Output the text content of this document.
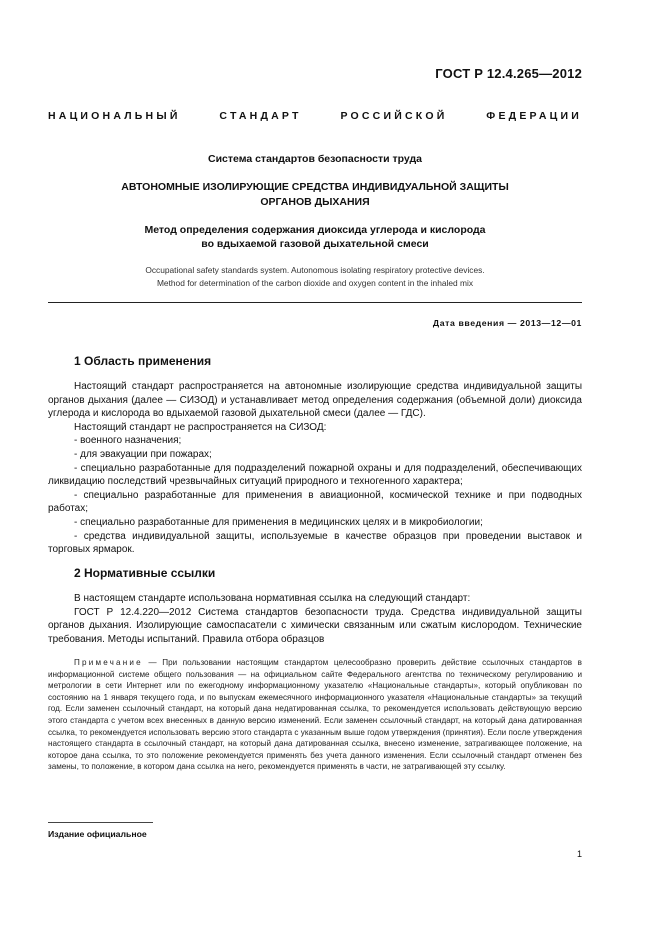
ГОСТ Р 12.4.265—2012
НАЦИОНАЛЬНЫЙ	СТАНДАРТ	РОССИЙСКОЙ	ФЕДЕРАЦИИ
Система стандартов безопасности труда
АВТОНОМНЫЕ ИЗОЛИРУЮЩИЕ СРЕДСТВА ИНДИВИДУАЛЬНОЙ ЗАЩИТЫ
ОРГАНОВ ДЫХАНИЯ
Метод определения содержания диоксида углерода и кислорода
во вдыхаемой газовой дыхательной смеси
Occupational safety standards system. Autonomous isolating respiratory protective devices.
Method for determination of the carbon dioxide and oxygen content in the inhaled mix
Дата введения — 2013—12—01
1 Область применения

Настоящий стандарт распространяется на автономные изолирующие средства индивидуальной защиты органов дыхания (далее — СИЗОД) и устанавливает метод определения содержания (объемной доли) диоксида углерода и кислорода во вдыхаемой газовой дыхательной смеси (далее — ГДС).

Настоящий стандарт не распространяется на СИЗОД:

- военного назначения;

- для эвакуации при пожарах;

- специально разработанные для подразделений пожарной охраны и для подразделений, обеспечивающих ликвидацию последствий чрезвычайных ситуаций природного и техногенного характера;

- специально разработанные для применения в авиационной, космической технике и при подводных работах;

- специально разработанные для применения в медицинских целях и в микробиологии;

- средства индивидуальной защиты, используемые в качестве образцов при проведении выставок и торговых ярмарок.

2 Нормативные ссылки

В настоящем стандарте использована нормативная ссылка на следующий стандарт:

ГОСТ Р 12.4.220—2012 Система стандартов безопасности труда. Средства индивидуальной защиты органов дыхания. Изолирующие самоспасатели с химически связанным или сжатым кислородом. Технические требования. Методы испытаний. Правила отбора образцов

Примечание — При пользовании настоящим стандартом целесообразно проверить действие ссылочных стандартов в информационной системе общего пользования — на официальном сайте Федерального агентства по техническому регулированию и метрологии в сети Интернет или по ежегодному информационному указателю «Национальные стандарты», который опубликован по состоянию на 1 января текущего года, и по выпускам ежемесячного информационного указателя «Национальные стандарты» за текущий год. Если заменен ссылочный стандарт, на который дана недатированная ссылка, то рекомендуется использовать действующую версию этого стандарта с учетом всех внесенных в данную версию изменений. Если заменен ссылочный стандарт, на который дана датированная ссылка, то рекомендуется использовать версию этого стандарта с указанным выше годом утверждения (принятия). Если после утверждения настоящего стандарта в ссылочный стандарт, на который дана датированная ссылка, внесено изменение, затрагивающее положение, на которое дана ссылка, то это положение рекомендуется применять без учета данного изменения. Если ссылочный стандарт отменен без замены, то положение, в котором дана ссылка на него, рекомендуется применять в части, не затрагивающей эту ссылку.

Издание официальное
1
